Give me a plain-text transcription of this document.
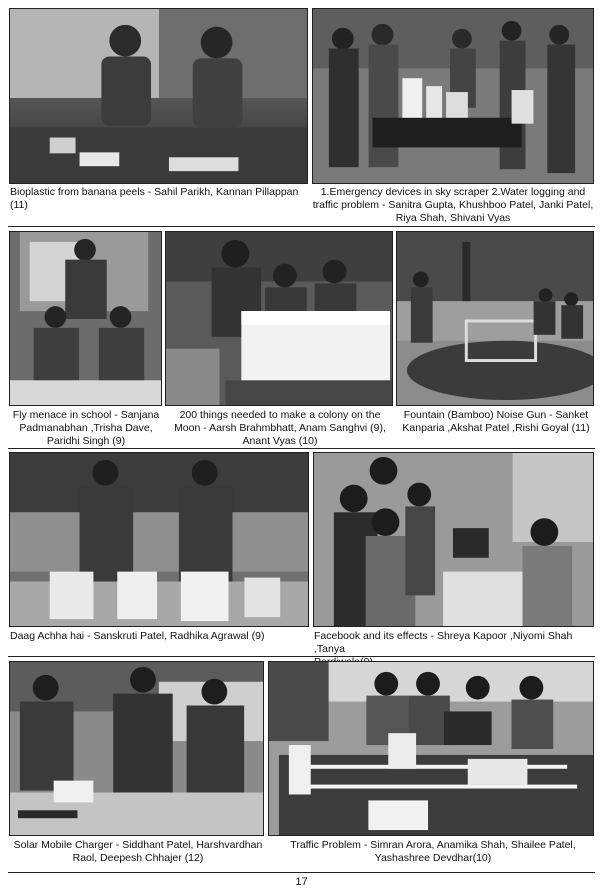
Bioplastic from banana peels - Sahil Parikh, Kannan Pillappan (11)

1.Emergency devices in sky scraper 2.Water logging and
traffic problem - Sanitra Gupta, Khushboo Patel, Janki Patel,
Riya Shah, Shivani Vyas

Fly menace in school - Sanjana
Padmanabhan ,Trisha Dave,
Paridhi Singh (9)

200 things needed to make a colony on the
Moon - Aarsh Brahmbhatt, Anam Sanghvi (9),
Anant Vyas (10)

Fountain (Bamboo) Noise Gun - Sanket
Kanparia ,Akshat Patel ,Rishi Goyal (11)

Daag Achha hai - Sanskruti Patel, Radhika Agrawal (9)	Facebook and its effects - Shreya Kapoor ,Niyomi Shah ,Tanya

Solar Mobile Charger - Siddhant Patel, Harshvardhan
Raol, Deepesh Chhajer (12)

Traffic Problem - Simran Arora, Anamika Shah, Shailee Patel,
Yashashree Devdhar(10)

17
